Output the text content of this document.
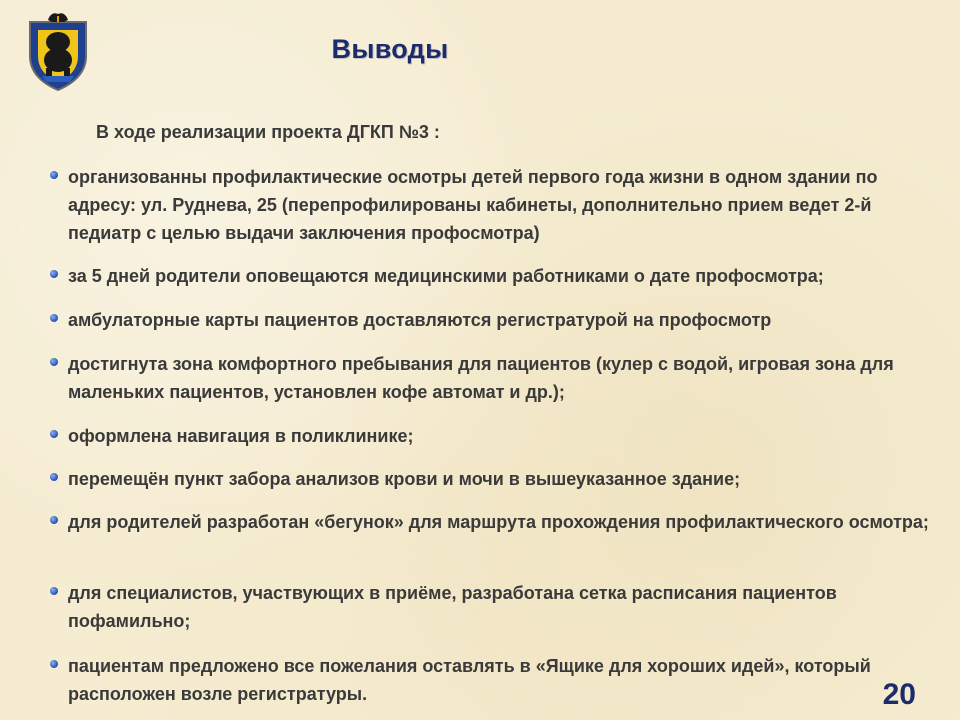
Выводы
В ходе реализации проекта ДГКП №3 :
организованны профилактические осмотры детей первого года жизни в одном здании по адресу: ул. Руднева, 25 (перепрофилированы кабинеты, дополнительно прием ведет 2-й педиатр с целью выдачи заключения профосмотра)
за 5 дней родители оповещаются медицинскими работниками о дате профосмотра;
амбулаторные карты пациентов доставляются регистратурой на профосмотр
достигнута зона комфортного пребывания для пациентов (кулер с водой, игровая зона для маленьких пациентов, установлен кофе автомат и др.);
оформлена навигация в поликлинике;
перемещён пункт забора анализов крови и мочи в вышеуказанное здание;
для родителей разработан «бегунок» для маршрута прохождения профилактического осмотра;
для специалистов, участвующих в приёме, разработана сетка расписания пациентов пофамильно;
пациентам предложено все пожелания оставлять в «Ящике для хороших идей», который расположен возле регистратуры.	20
